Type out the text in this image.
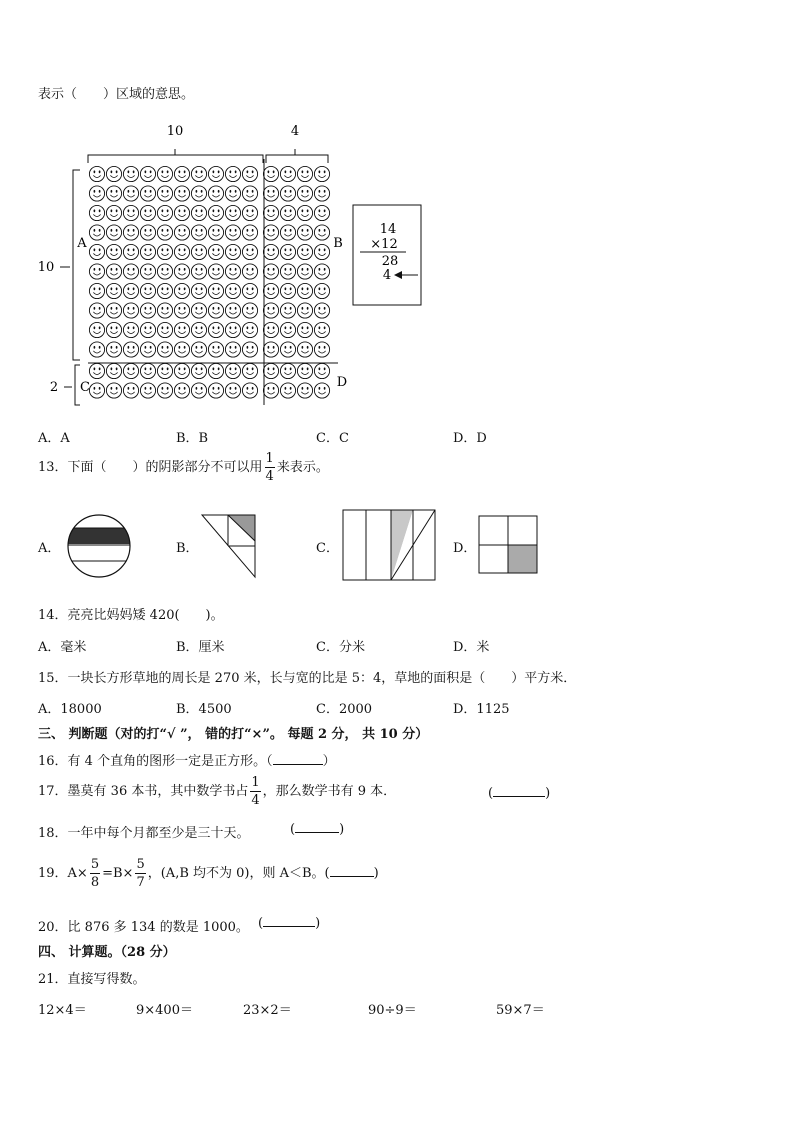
表示（　　）区域的意思。
10	4
10
2
A	B
C	D
14
×12
28
4
A．A	B．B	C．C	D．D
13．下面（　　）的阴影部分不可以用 $\frac{1}{4}$ 来表示。
A．	B．	C．	D．
14．亮亮比妈妈矮 420(　　)。
A．毫米	B．厘米	C．分米	D．米
15．一块长方形草地的周长是 270 米，长与宽的比是 5：4，草地的面积是（　　）平方米．
A．18000	B．4500	C．2000	D．1125
三、 判断题（对的打“√ ”， 错的打“×”。 每题 2 分， 共 10 分）
16．有 4 个直角的图形一定是正方形。（	）
17．墨莫有 36 本书，其中数学书占 $\frac{1}{4}$ ，那么数学书有 9 本．	(	)
18．一年中每个月都至少是三十天。	(	)
19．$A\times \frac{5}{8} =B\times \frac{5}{7}$ ，(A,B 均不为 0)，则 A＜B。(	)
20．比 876 多 134 的数是 1000。 (	)
四、 计算题。（28 分）
21．直接写得数。
12×4＝	9×400＝	23×2＝	90÷9＝	59×7＝
